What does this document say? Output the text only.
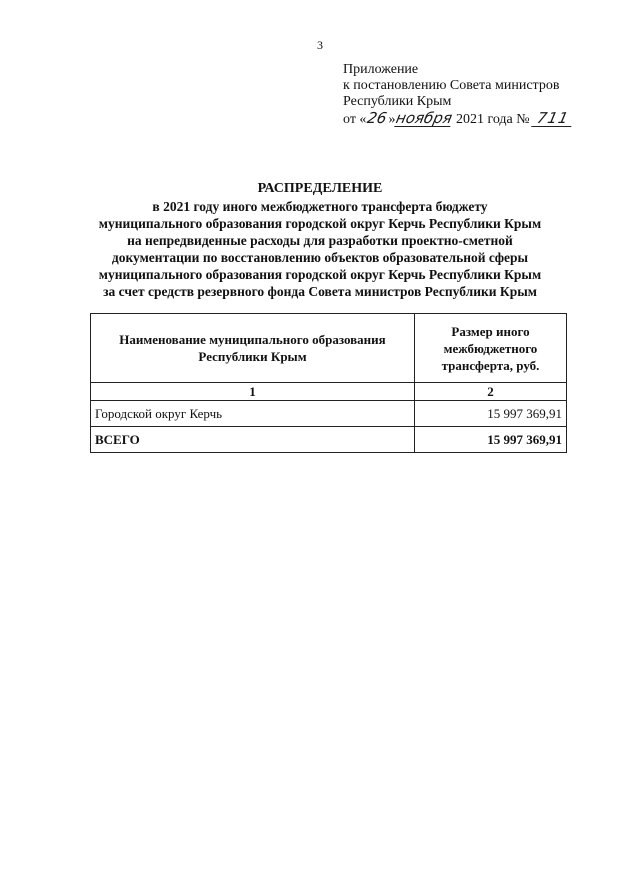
3
Приложение
к постановлению Совета министров
Республики Крым
от «26»ноября 2021 года № 711
РАСПРЕДЕЛЕНИЕ
в 2021 году иного межбюджетного трансферта бюджету
муниципального образования городской округ Керчь Республики Крым
на непредвиденные расходы для разработки проектно-сметной
документации по восстановлению объектов образовательной сферы
муниципального образования городской округ Керчь Республики Крым
за счет средств резервного фонда Совета министров Республики Крым
Наименование муниципального образования Республики Крым	Размер иного межбюджетного трансферта, руб.
1	2
Городской округ Керчь	15 997 369,91
ВСЕГО	15 997 369,91
